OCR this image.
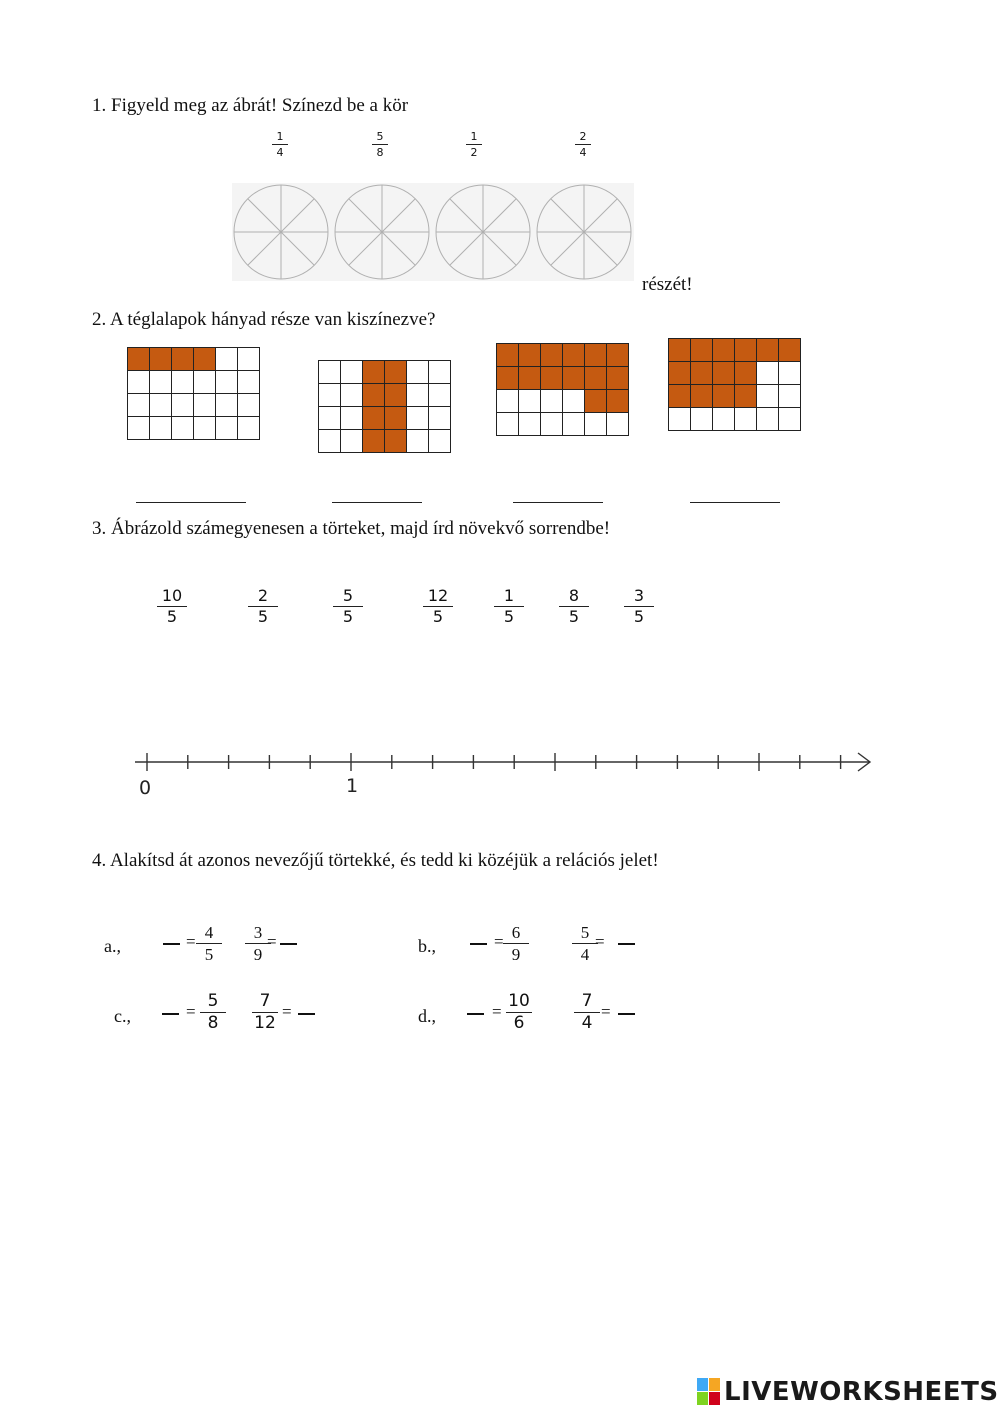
1. Figyeld meg az ábrát! Színezd be a kör
1
4
5
8
1
2
2
4
részét!
2. A téglalapok hányad része van kiszínezve?

3. Ábrázold számegyenesen a törteket, majd írd növekvő sorrendbe!
10
5
2
5
5
5
12
5
1
5
8
5
3
5
0	1
4. Alakítsd át azonos nevezőjű törtekké, és tedd ki közéjük a relációs jelet!
a.,	= 4
5
3
9
=	b.,	= 6
9
5
4
=
c.,	=
5
8
7
12
=	d.,	=
10
6
7
4
=
LIVEWORKSHEETS
